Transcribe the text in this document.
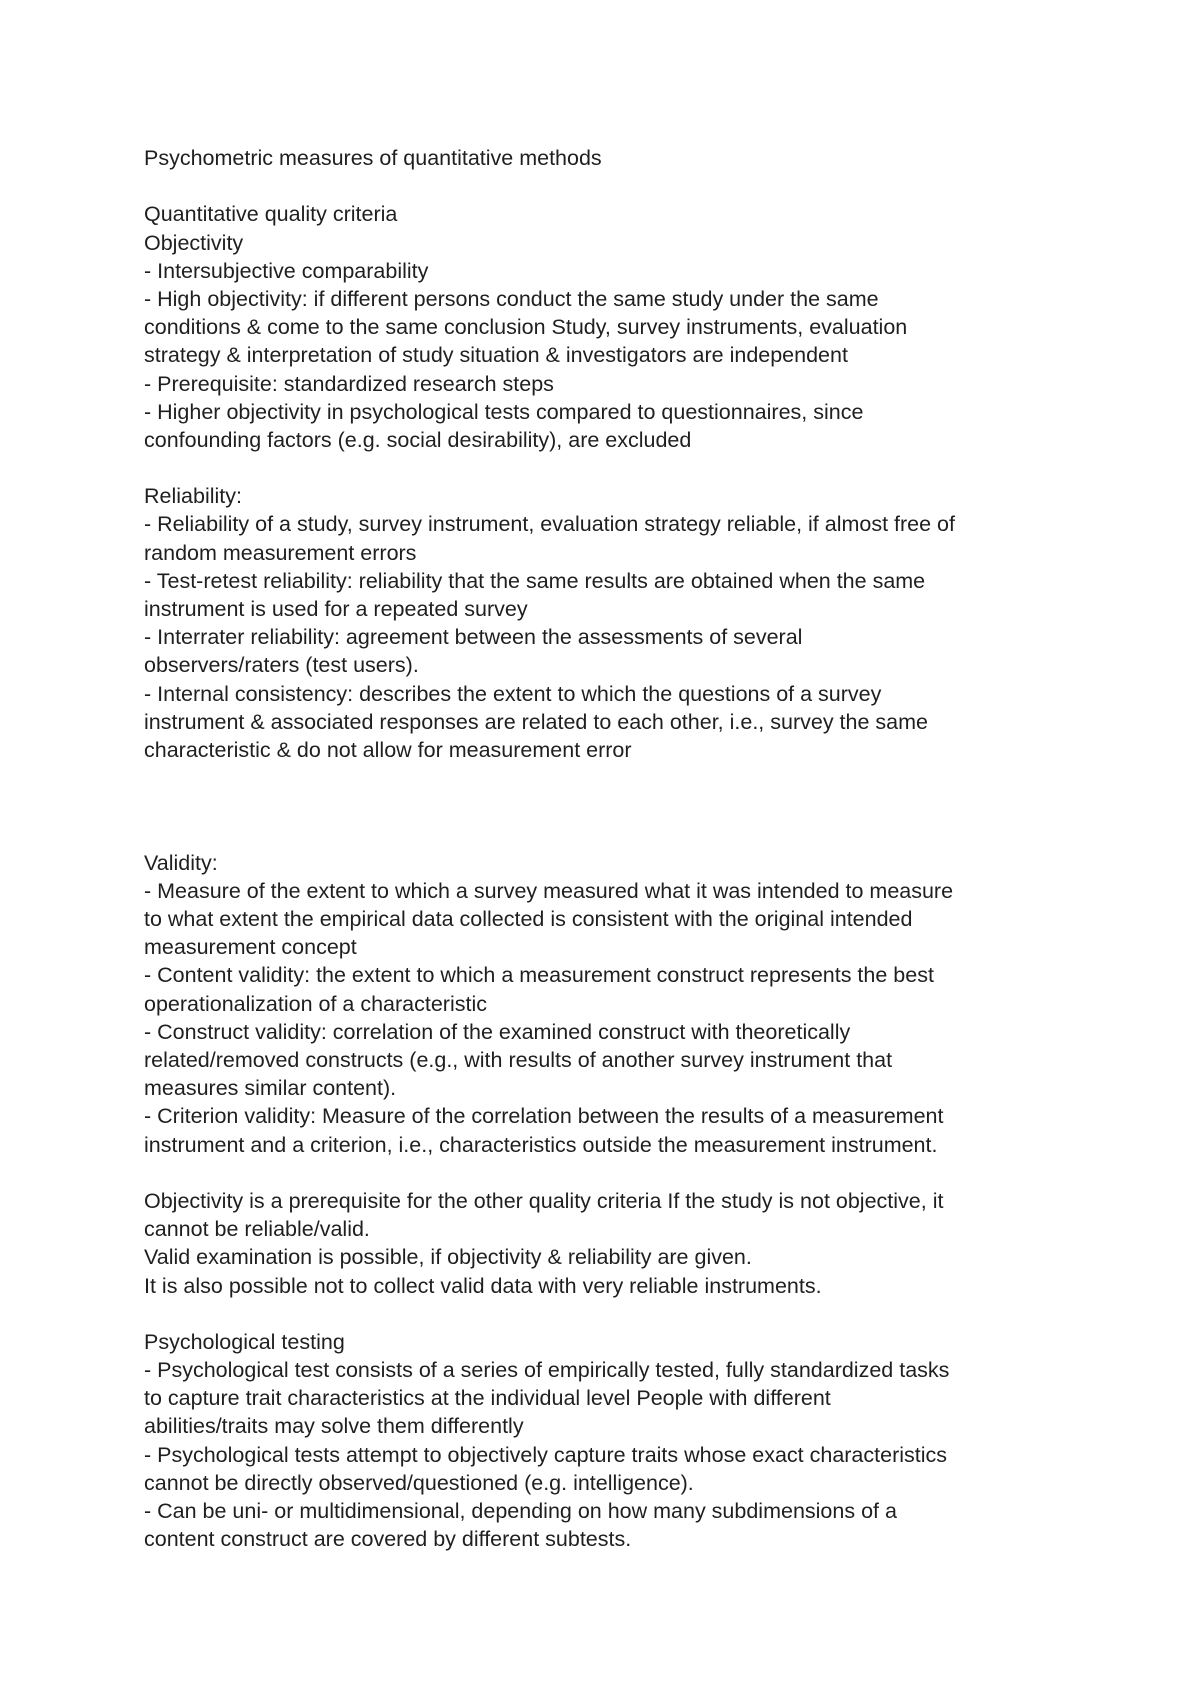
Psychometric measures of quantitative methods
Quantitative quality criteria
Objectivity
- Intersubjective comparability
- High objectivity: if different persons conduct the same study under the same
conditions & come to the same conclusion Study, survey instruments, evaluation
strategy & interpretation of study situation & investigators are independent
- Prerequisite: standardized research steps
- Higher objectivity in psychological tests compared to questionnaires, since
confounding factors (e.g. social desirability), are excluded
Reliability:
- Reliability of a study, survey instrument, evaluation strategy reliable, if almost free of
random measurement errors
- Test-retest reliability: reliability that the same results are obtained when the same
instrument is used for a repeated survey
- Interrater reliability: agreement between the assessments of several
observers/raters (test users).
- Internal consistency: describes the extent to which the questions of a survey
instrument & associated responses are related to each other, i.e., survey the same
characteristic & do not allow for measurement error
Validity:
- Measure of the extent to which a survey measured what it was intended to measure
to what extent the empirical data collected is consistent with the original intended
measurement concept
- Content validity: the extent to which a measurement construct represents the best
operationalization of a characteristic
- Construct validity: correlation of the examined construct with theoretically
related/removed constructs (e.g., with results of another survey instrument that
measures similar content).
- Criterion validity: Measure of the correlation between the results of a measurement
instrument and a criterion, i.e., characteristics outside the measurement instrument.
Objectivity is a prerequisite for the other quality criteria If the study is not objective, it
cannot be reliable/valid.
Valid examination is possible, if objectivity & reliability are given.
It is also possible not to collect valid data with very reliable instruments.
Psychological testing
- Psychological test consists of a series of empirically tested, fully standardized tasks
to capture trait characteristics at the individual level People with different
abilities/traits may solve them differently
- Psychological tests attempt to objectively capture traits whose exact characteristics
cannot be directly observed/questioned (e.g. intelligence).
- Can be uni- or multidimensional, depending on how many subdimensions of a
content construct are covered by different subtests.
